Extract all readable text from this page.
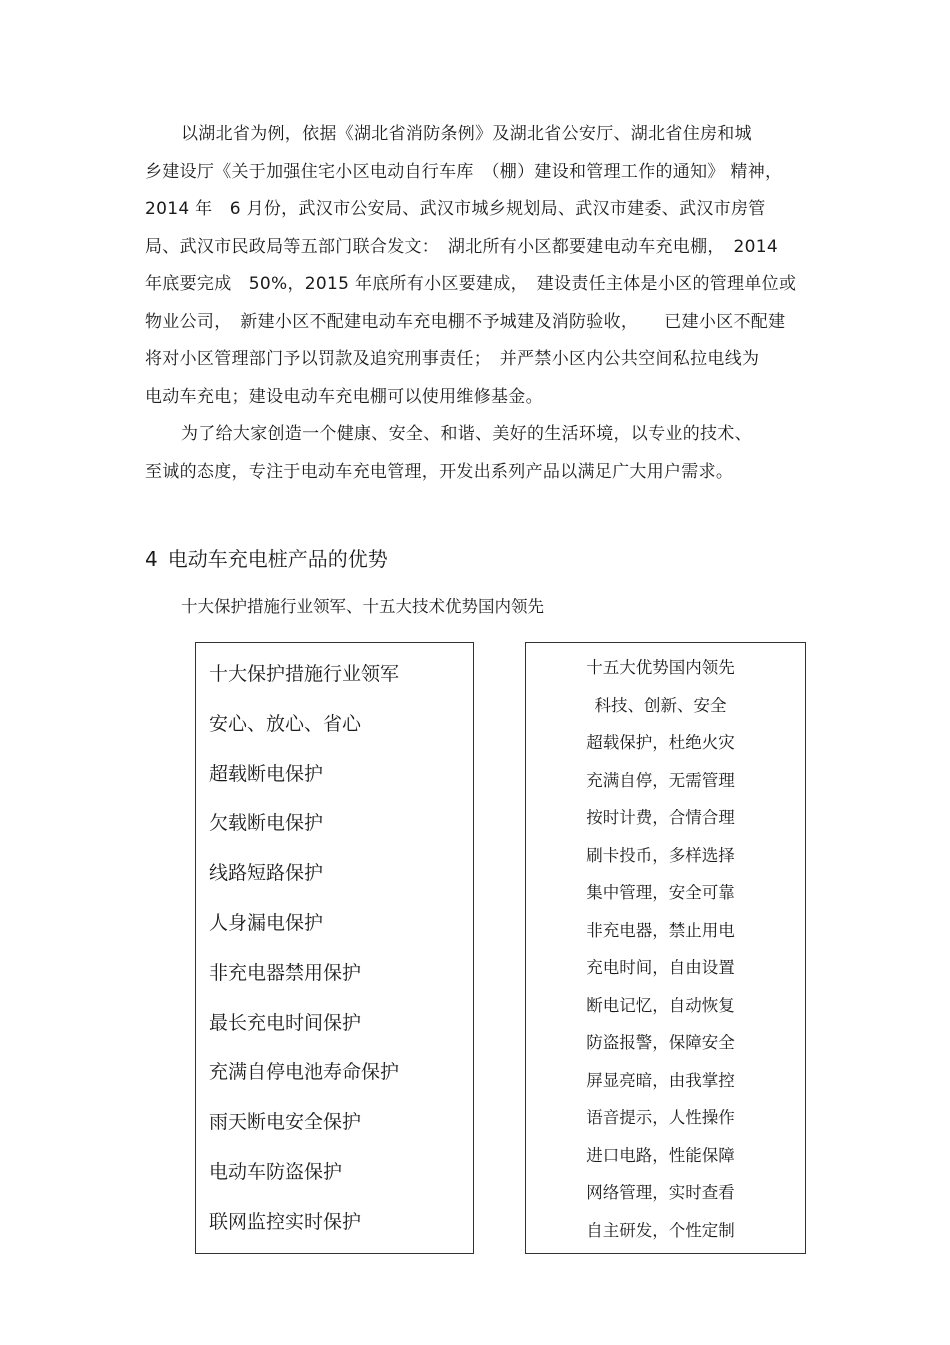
以湖北省为例，依据《湖北省消防条例》及湖北省公安厅、湖北省住房和城
乡建设厅《关于加强住宅小区电动自行车库　（棚）建设和管理工作的通知》 精神，
2014 年　6 月份，武汉市公安局、武汉市城乡规划局、武汉市建委、武汉市房管
局、武汉市民政局等五部门联合发文：　湖北所有小区都要建电动车充电棚，　2014
年底要完成　50%，2015 年底所有小区要建成，　建设责任主体是小区的管理单位或
物业公司，　新建小区不配建电动车充电棚不予城建及消防验收，　　已建小区不配建
将对小区管理部门予以罚款及追究刑事责任；　并严禁小区内公共空间私拉电线为
电动车充电；建设电动车充电棚可以使用维修基金。
为了给大家创造一个健康、安全、和谐、美好的生活环境，以专业的技术、
至诚的态度，专注于电动车充电管理，开发出系列产品以满足广大用户需求。
4 电动车充电桩产品的优势
十大保护措施行业领军、十五大技术优势国内领先
十大保护措施行业领军
安心、放心、省心
超载断电保护
欠载断电保护
线路短路保护
人身漏电保护
非充电器禁用保护
最长充电时间保护
充满自停电池寿命保护
雨天断电安全保护
电动车防盗保护
联网监控实时保护
十五大优势国内领先
科技、创新、安全
超载保护，杜绝火灾
充满自停，无需管理
按时计费，合情合理
刷卡投币，多样选择
集中管理，安全可靠
非充电器，禁止用电
充电时间，自由设置
断电记忆，自动恢复
防盗报警，保障安全
屏显亮暗，由我掌控
语音提示，人性操作
进口电路，性能保障
网络管理，实时查看
自主研发，个性定制
